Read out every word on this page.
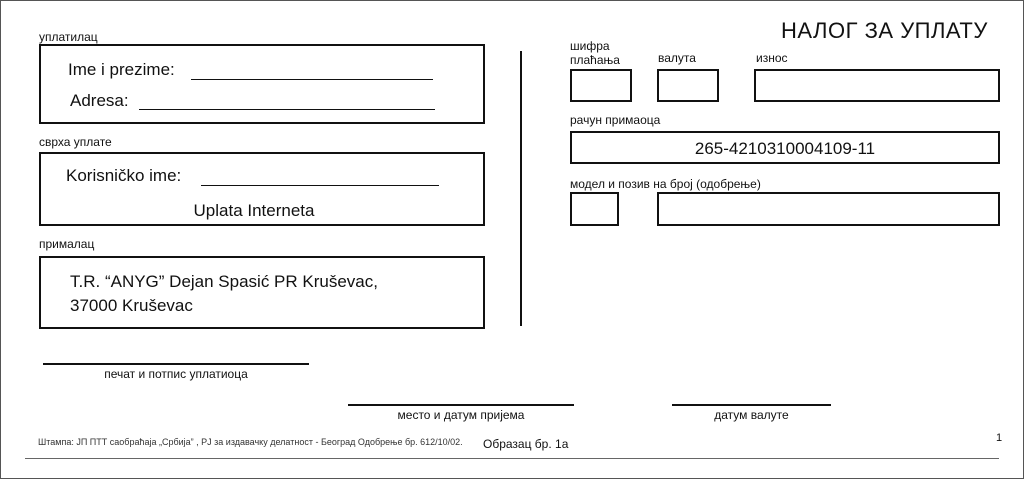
уплатилац
Ime i prezime:
Adresa:
сврха уплате
Korisničko ime:
Uplata Interneta
прималац
T.R. “ANYG” Dejan Spasić PR Kruševac,
37000 Kruševac
НАЛОГ ЗА УПЛАТУ
шифра
плаћања	валута	износ
рачун примаоца
265-4210310004109-11
модел и позив на број (одобрење)
печат и потпис уплатиоца
место и датум пријема	датум валуте
Штампа: ЈП ПТТ саобраћаја „Србија” , РЈ за издавачку делатност - Београд Одобрење бр. 612/10/02. Образац бр. 1а	1
